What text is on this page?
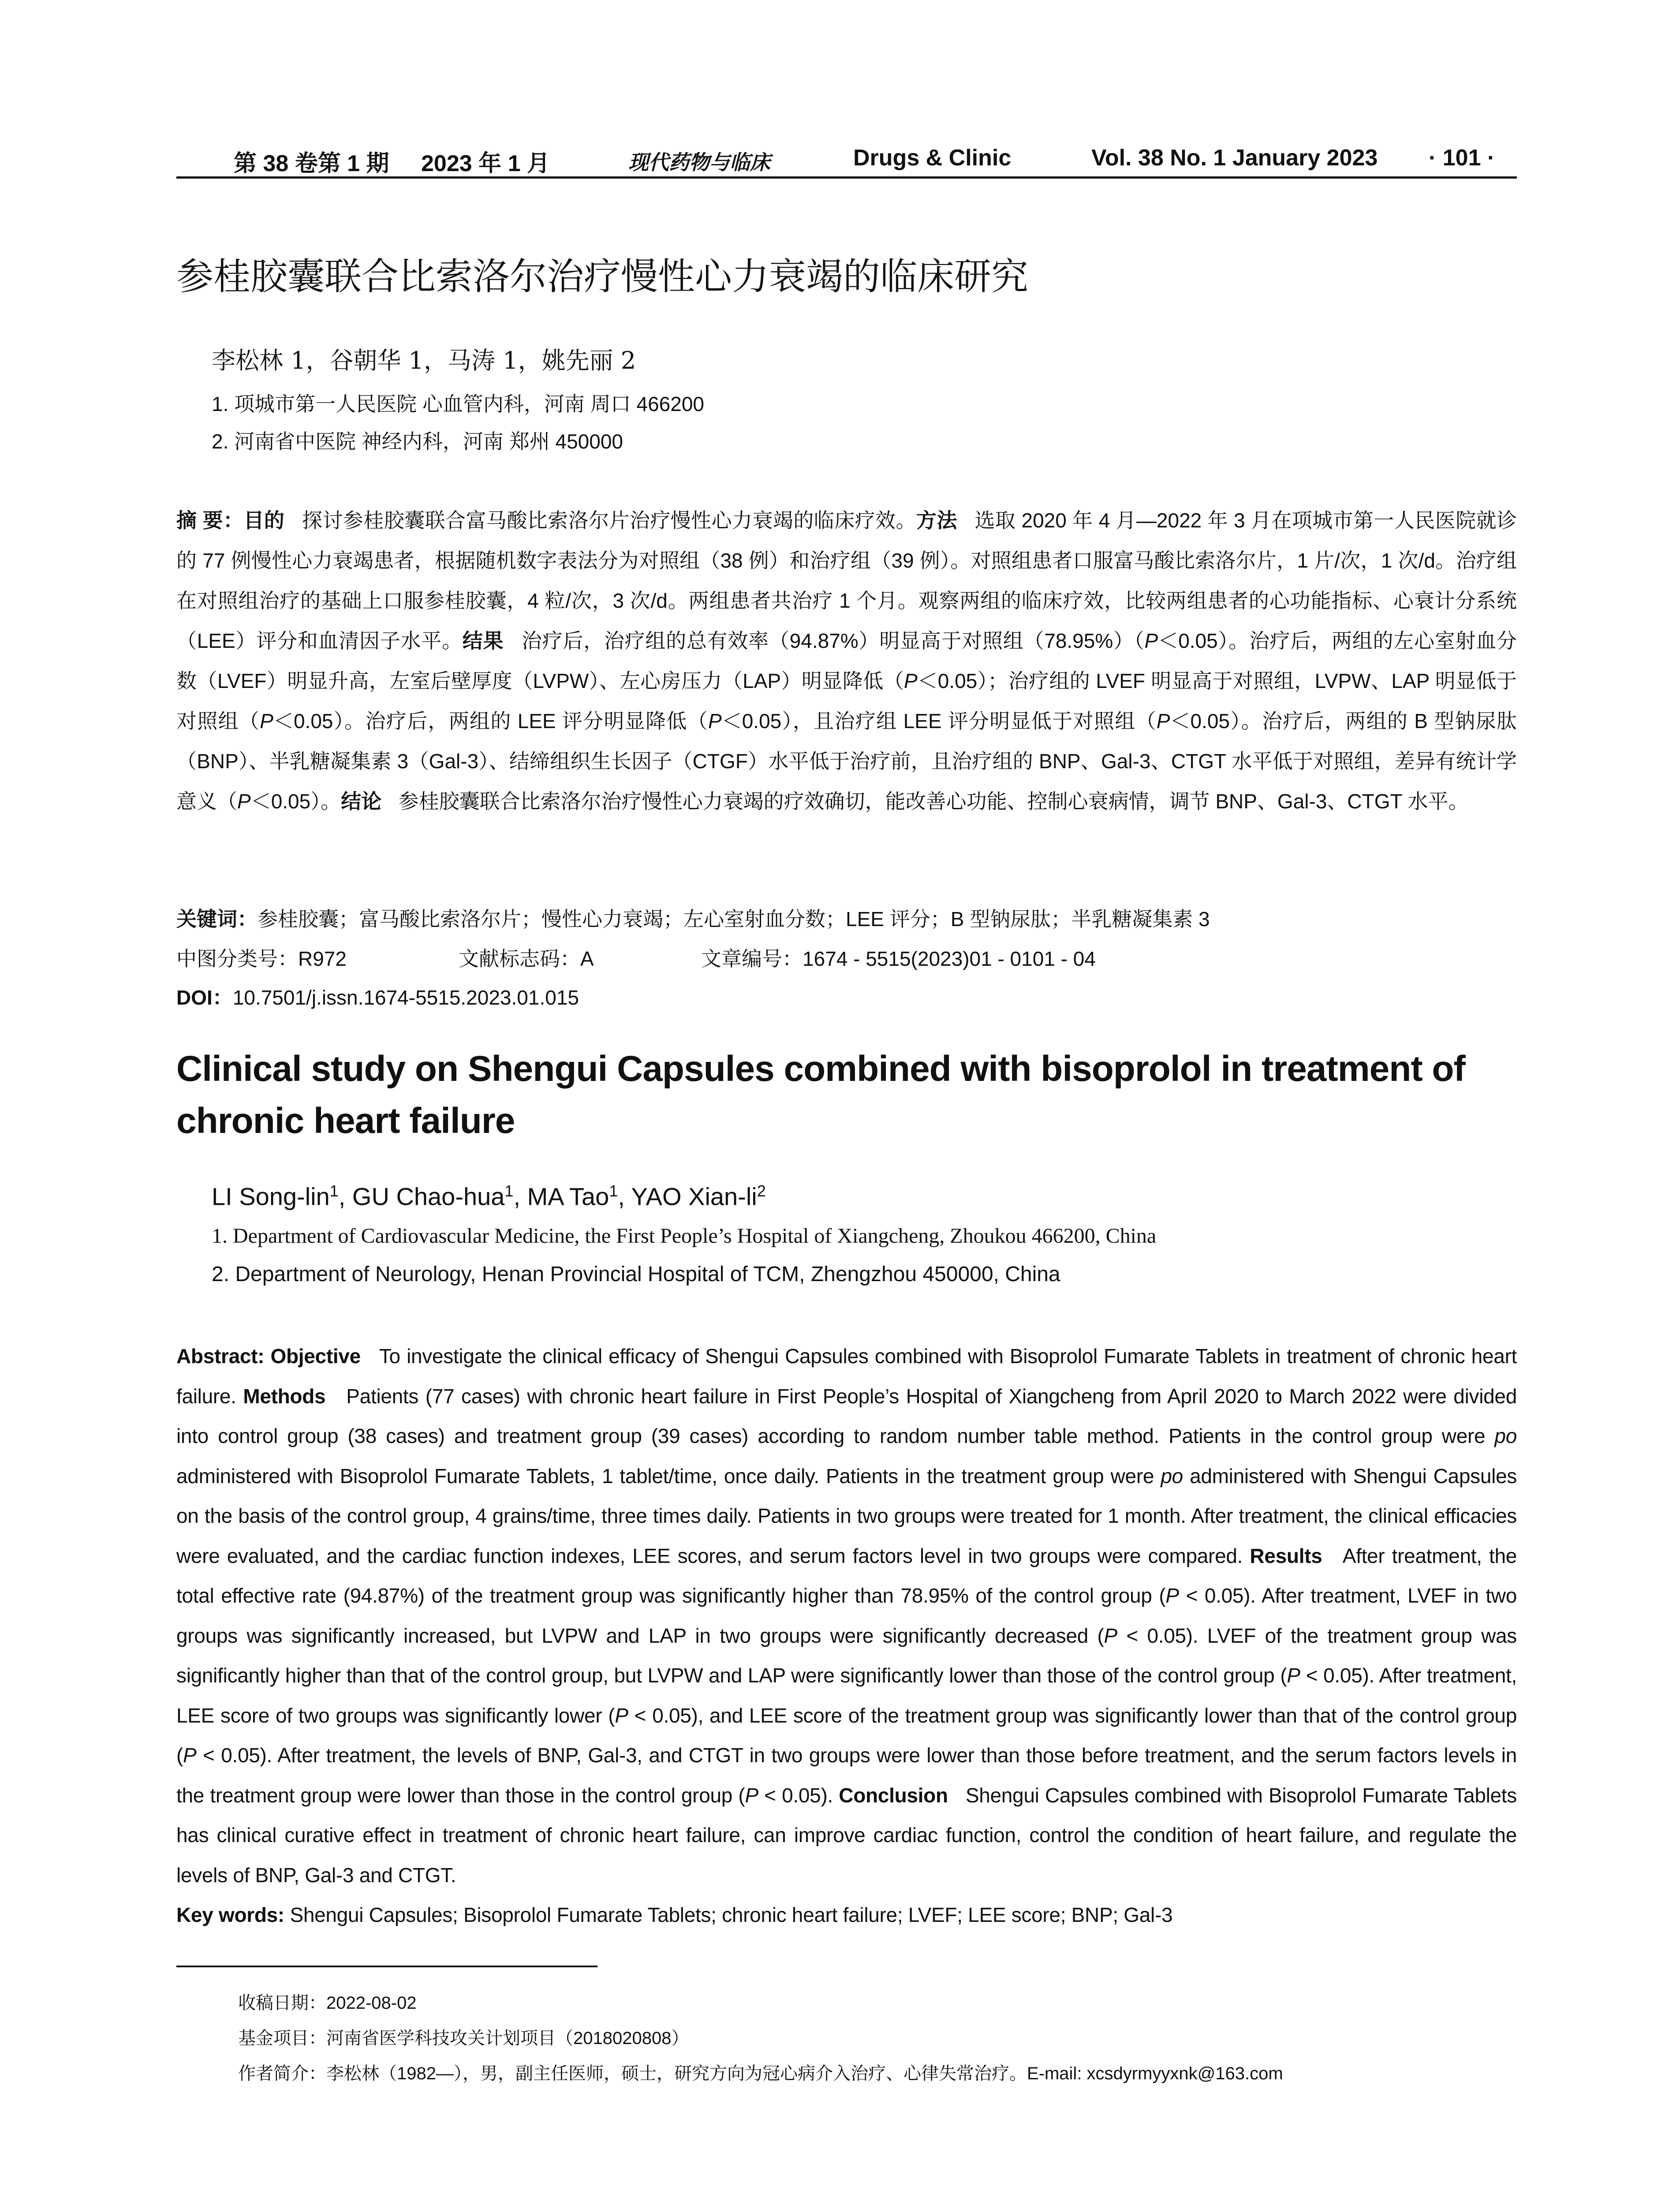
第 38 卷第 1 期 2023 年 1 月	现代药物与临床	Drugs & Clinic	Vol. 38 No. 1 January 2023 · 101 ·
参桂胶囊联合比索洛尔治疗慢性心力衰竭的临床研究
李松林 1，谷朝华 1，马涛 1，姚先丽 2
1. 项城市第一人民医院 心血管内科，河南 周口 466200
2. 河南省中医院 神经内科，河南 郑州 450000
摘 要：目的 探讨参桂胶囊联合富马酸比索洛尔片治疗慢性心力衰竭的临床疗效。方法 选取 2020 年 4 月—2022 年 3 月在项城市第一人民医院就诊的 77 例慢性心力衰竭患者，根据随机数字表法分为对照组（38 例）和治疗组（39 例）。对照组患者口服富马酸比索洛尔片，1 片/次，1 次/d。治疗组在对照组治疗的基础上口服参桂胶囊，4 粒/次，3 次/d。两组患者共治疗 1 个月。观察两组的临床疗效，比较两组患者的心功能指标、心衰计分系统（LEE）评分和血清因子水平。结果 治疗后，治疗组的总有效率（94.87%）明显高于对照组（78.95%）（P＜0.05）。治疗后，两组的左心室射血分数（LVEF）明显升高，左室后壁厚度（LVPW）、左心房压力（LAP）明显降低（P＜0.05）；治疗组的 LVEF 明显高于对照组，LVPW、LAP 明显低于对照组（P＜0.05）。治疗后，两组的 LEE 评分明显降低（P＜0.05），且治疗组 LEE 评分明显低于对照组（P＜0.05）。治疗后，两组的 B 型钠尿肽（BNP）、半乳糖凝集素 3（Gal-3）、结缔组织生长因子（CTGF）水平低于治疗前，且治疗组的 BNP、Gal-3、CTGT 水平低于对照组，差异有统计学意义（P＜0.05）。结论 参桂胶囊联合比索洛尔治疗慢性心力衰竭的疗效确切，能改善心功能、控制心衰病情，调节 BNP、Gal-3、CTGT 水平。
关键词：参桂胶囊；富马酸比索洛尔片；慢性心力衰竭；左心室射血分数；LEE 评分；B 型钠尿肽；半乳糖凝集素 3
中图分类号：R972	文献标志码：A	文章编号：1674 - 5515(2023)01 - 0101 - 04
DOI：10.7501/j.issn.1674-5515.2023.01.015
Clinical study on Shengui Capsules combined with bisoprolol in treatment of chronic heart failure
LI Song-lin$^1$, GU Chao-hua$^1$, MA Tao$^1$, YAO Xian-$li^2$
1. Department of Cardiovascular Medicine, the First People’s Hospital of Xiangcheng, Zhoukou 466200, China
2. Department of Neurology, Henan Provincial Hospital of TCM, Zhengzhou 450000, China
Abstract: Objective To investigate the clinical efficacy of Shengui Capsules combined with Bisoprolol Fumarate Tablets in treatment of chronic heart failure. Methods Patients (77 cases) with chronic heart failure in First People’s Hospital of Xiangcheng from April 2020 to March 2022 were divided into control group (38 cases) and treatment group (39 cases) according to random number table method. Patients in the control group were po administered with Bisoprolol Fumarate Tablets, 1 tablet/time, once daily. Patients in the treatment group were po administered with Shengui Capsules on the basis of the control group, 4 grains/time, three times daily. Patients in two groups were treated for 1 month. After treatment, the clinical efficacies were evaluated, and the cardiac function indexes, LEE scores, and serum factors level in two groups were compared. Results After treatment, the total effective rate (94.87%) of the treatment group was significantly higher than 78.95% of the control group (P < 0.05). After treatment, LVEF in two groups was significantly increased, but LVPW and LAP in two groups were significantly decreased (P < 0.05). LVEF of the treatment group was significantly higher than that of the control group, but LVPW and LAP were significantly lower than those of the control group (P < 0.05). After treatment, LEE score of two groups was significantly lower (P < 0.05), and LEE score of the treatment group was significantly lower than that of the control group (P < 0.05). After treatment, the levels of BNP, Gal-3, and CTGT in two groups were lower than those before treatment, and the serum factors levels in the treatment group were lower than those in the control group (P < 0.05). Conclusion Shengui Capsules combined with Bisoprolol Fumarate Tablets has clinical curative effect in treatment of chronic heart failure, can improve cardiac function, control the condition of heart failure, and regulate the levels of BNP, Gal-3 and CTGT.
Key words: Shengui Capsules; Bisoprolol Fumarate Tablets; chronic heart failure; LVEF; LEE score; BNP; Gal-3
收稿日期：2022-08-02
基金项目：河南省医学科技攻关计划项目（2018020808）
作者简介：李松林（1982—），男，副主任医师，硕士，研究方向为冠心病介入治疗、心律失常治疗。E-mail: xcsdyrmyyxnk@163.com
